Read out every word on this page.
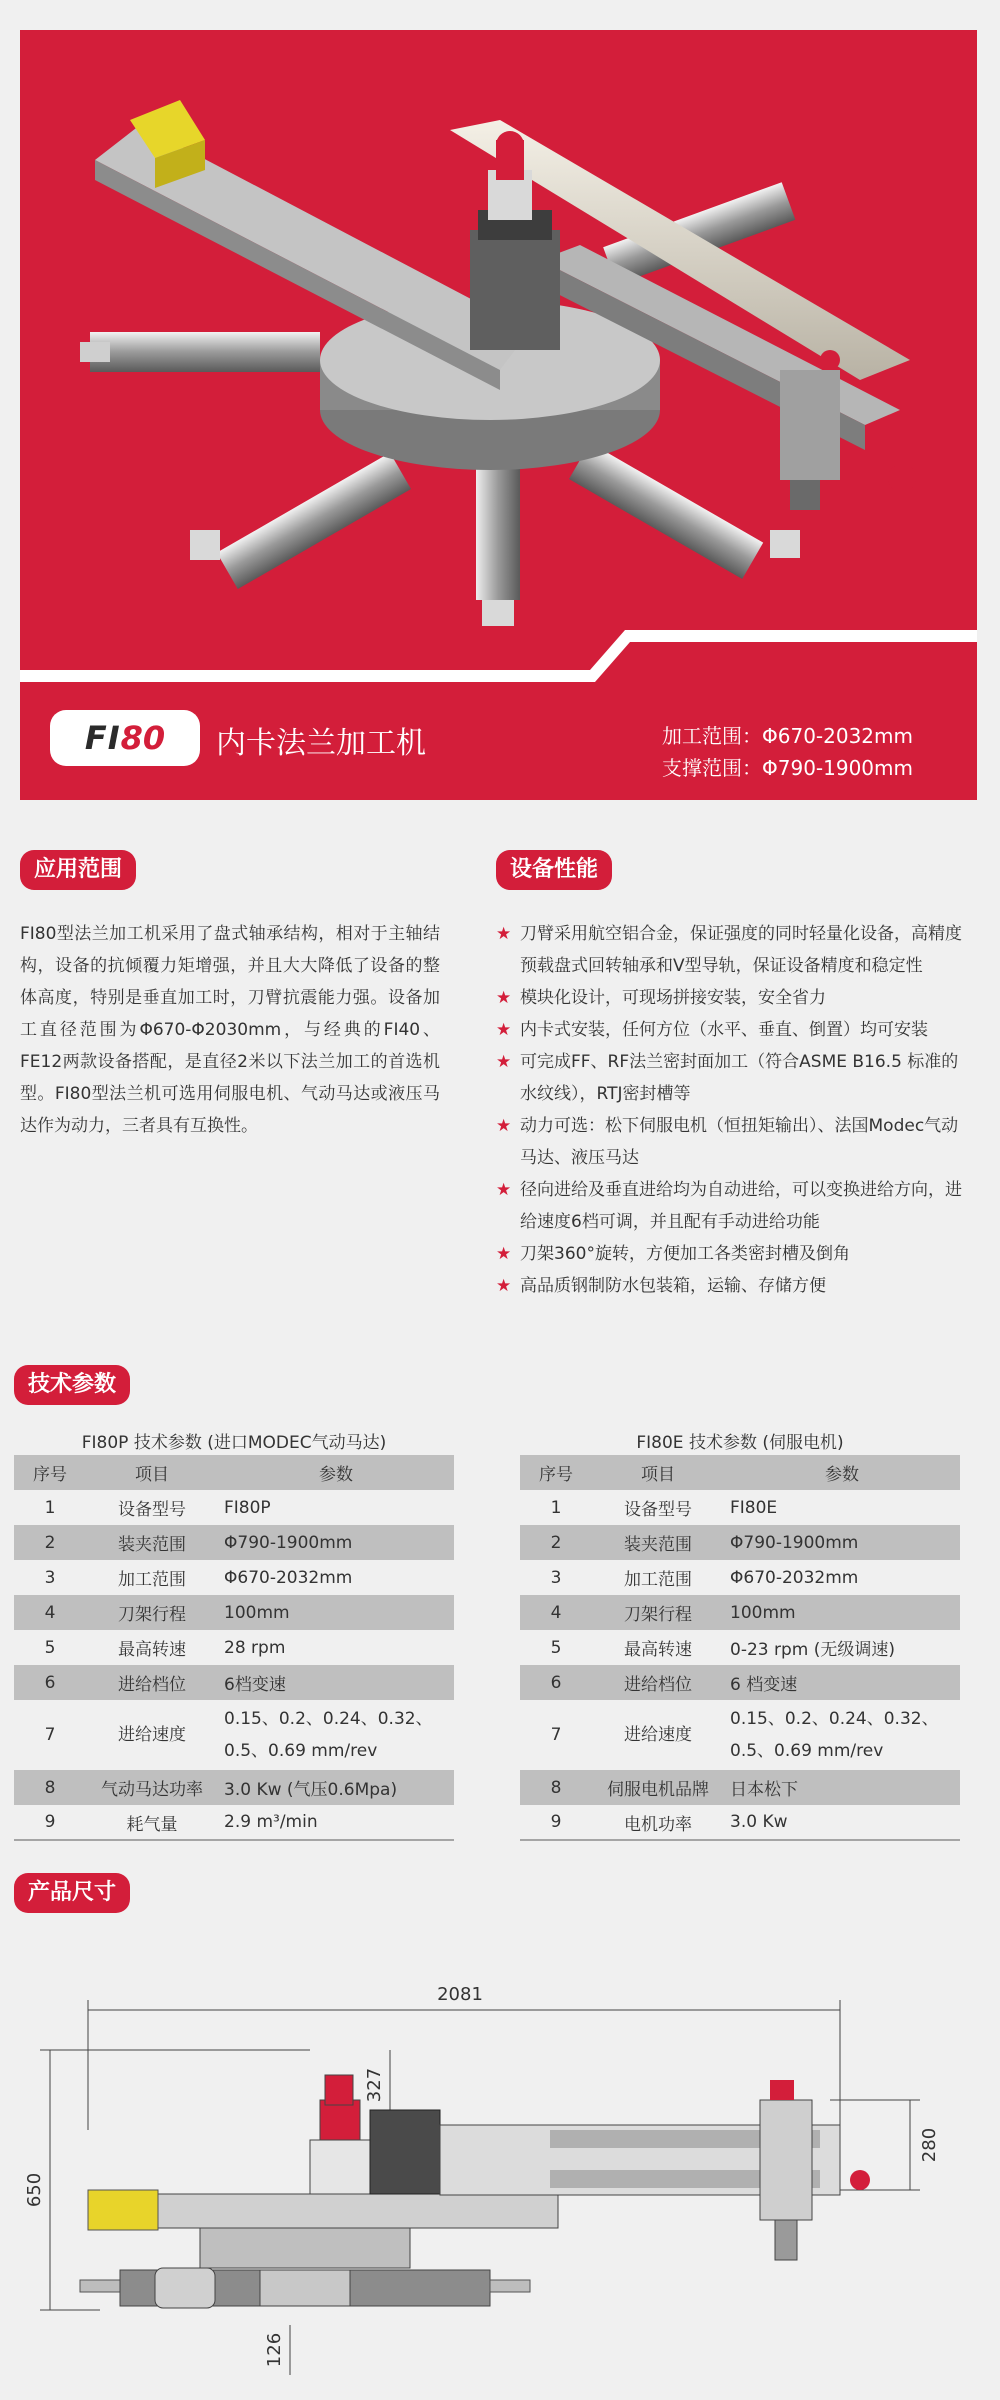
FI 80 内卡法兰加工机	加工范围：Φ670-2032mm
支撑范围：Φ790-1900mm
应用范围

FI80型法兰加工机采用了盘式轴承结构，相对于主轴结构，设备的抗倾覆力矩增强，并且大大降低了设备的整体高度，特别是垂直加工时，刀臂抗震能力强。设备加工直径范围为Φ670-Φ2030mm，与经典的FI40、FE12两款设备搭配，是直径2米以下法兰加工的首选机型。FI80型法兰机可选用伺服电机、气动马达或液压马达作为动力，三者具有互换性。

设备性能
★ 刀臂采用航空铝合金，保证强度的同时轻量化设备，高精度预载盘式回转轴承和V型导轨，保证设备精度和稳定性
★ 模块化设计，可现场拼接安装，安全省力
★ 内卡式安装，任何方位（水平、垂直、倒置）均可安装
★ 可完成FF、RF法兰密封面加工（符合ASME B16.5 标准的水纹线），RTJ密封槽等
★ 动力可选：松下伺服电机（恒扭矩输出）、法国Modec气动马达、液压马达
★ 径向进给及垂直进给均为自动进给，可以变换进给方向，进给速度6档可调，并且配有手动进给功能
★ 刀架360°旋转，方便加工各类密封槽及倒角
★ 高品质钢制防水包装箱，运输、存储方便
技术参数
FI80P 技术参数 (进口MODEC气动马达)
序号	项目	参数
1	设备型号	FI80P
2	装夹范围	Φ790-1900mm
3	加工范围	Φ670-2032mm
4	刀架行程	100mm
5	最高转速	28 rpm
6	进给档位	6档变速
7	进给速度	0.15、0.2、0.24、0.32、0.5、0.69 mm/rev
8	气动马达功率	3.0 Kw (气压0.6Mpa)
9	耗气量	2.9 m³/min
FI80E 技术参数 (伺服电机)
序号	项目	参数
1	设备型号	FI80E
2	装夹范围	Φ790-1900mm
3	加工范围	Φ670-2032mm
4	刀架行程	100mm
5	最高转速	0-23 rpm (无级调速)
6	进给档位	6 档变速
7	进给速度	0.15、0.2、0.24、0.32、0.5、0.69 mm/rev
8	伺服电机品牌	日本松下
9	电机功率	3.0 Kw
产品尺寸
2081
650
327
280
126
